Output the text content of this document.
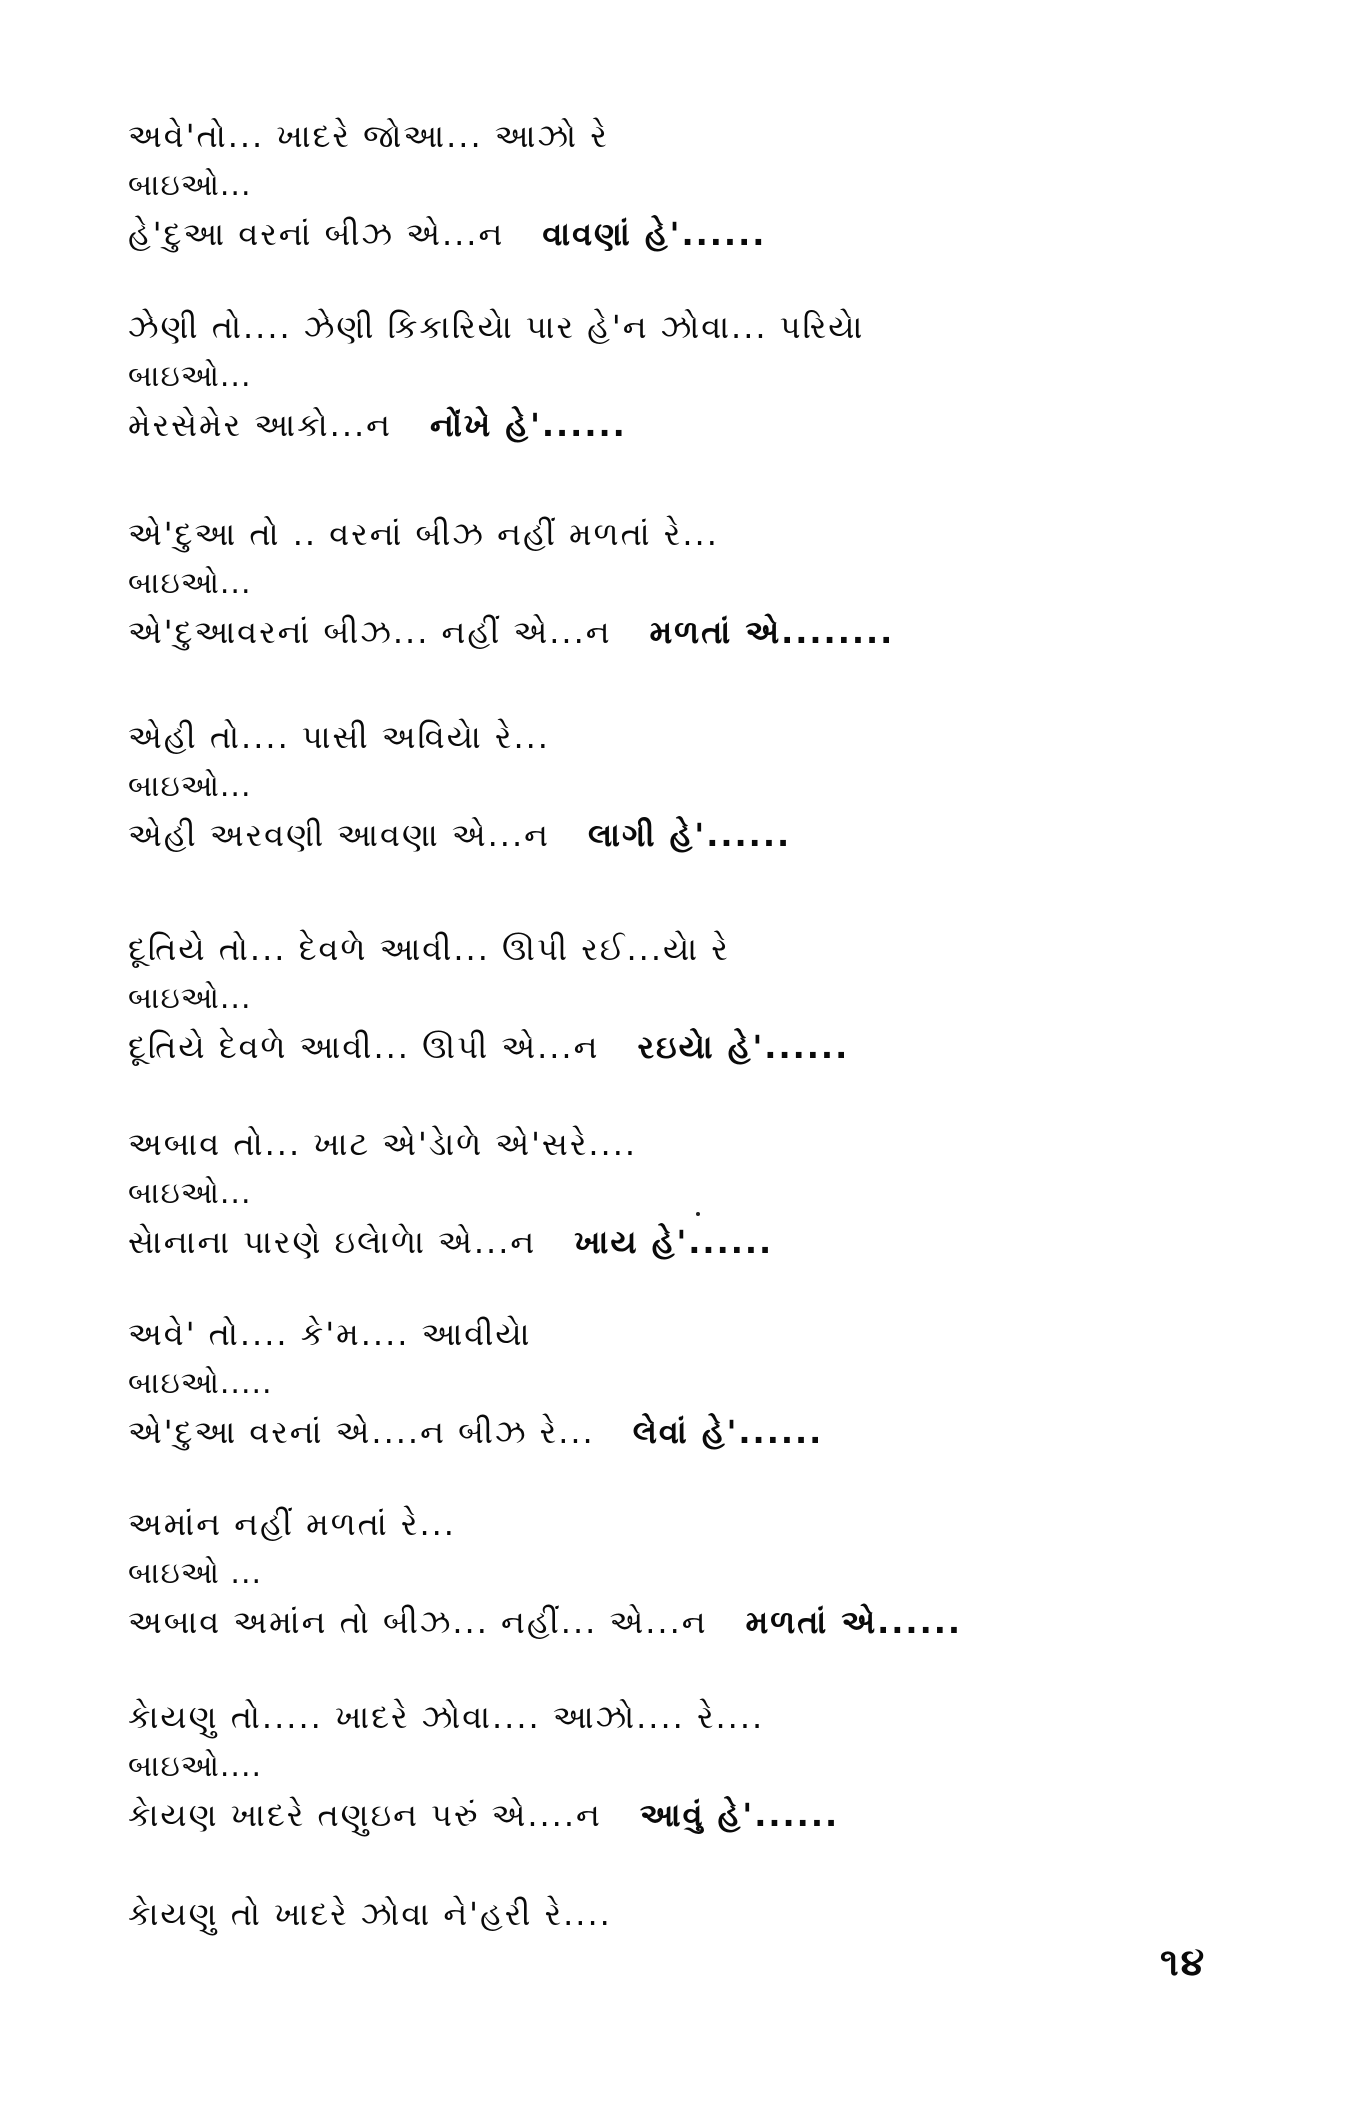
અવે'તો... ખાદરે જોઆ... આઝો રે
બાઇઓ...
હે'દુઆ વરનાં બીઝ એ...ન વાવણાં હે'......
ઝેણી તો.... ઝેણી કિકારિયેા પાર હે'ન ઝોવા... પરિયેા
બાઇઓ...
મેરસેમેર આકો...ન નોંખે હે'......
એ'દુઆ તો .. વરનાં બીઝ નહીં મળતાં રે...
બાઇઓ...
એ'દુઆવરનાં બીઝ... નહીં એ...ન મળતાં એ........
એહી તો.... પાસી અવિયેા રે...
બાઇઓ...
એહી અરવણી આવણા એ...ન લાગી હે'......
દૂતિયે તો... દેવળે આવી... ઊપી રઈ...યેા રે
બાઇઓ...
દૂતિયે દેવળે આવી... ઊપી એ...ન રઇયેા હે'......
અબાવ તો... ખાટ એ'ડેાળે એ'સરે....
બાઇઓ...
સેાનાના પારણે ઇલેાળેા એ...ન ખાય હે'......
અવે' તો.... કે'મ.... આવીયેા
બાઇઓ.....
એ'દુઆ વરનાં એ....ન બીઝ રે... લેવાં હે'......
અમાંન નહીં મળતાં રે...
બાઇઓ ...
અબાવ અમાંન તો બીઝ... નહીં... એ...ન મળતાં એ......
કેાયણુ તો..... ખાદરે ઝોવા.... આઝો.... રે....
બાઇઓ....
કેાયણ ખાદરે તણુઇન પરું એ....ન આવું હે'......
કેાયણુ તો ખાદરે ઝોવા ને'હરી રે....
૧૪
